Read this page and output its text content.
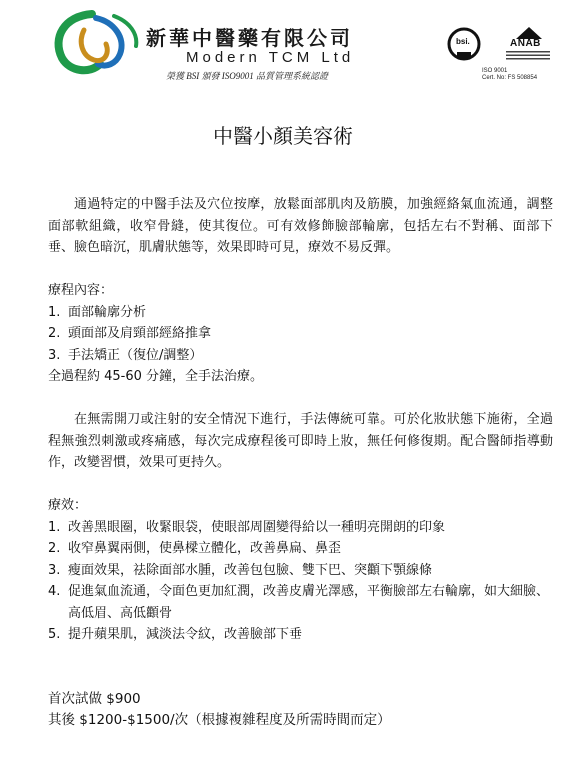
新華中醫藥有限公司
Modern TCM Ltd
榮獲 BSI 頒發 ISO9001 品質管理系統認證
bsi.	ANAB
ISO 9001
Cert. No: FS 508854
中醫小顏美容術

通過特定的中醫手法及穴位按摩，放鬆面部肌肉及筋膜，加強經絡氣血流通，調整面部軟組織，收窄骨縫，使其復位。可有效修飾臉部輪廓，包括左右不對稱、面部下垂、臉色暗沉，肌膚狀態等，效果即時可見，療效不易反彈。

療程內容：

1. 面部輪廓分析
2. 頭面部及肩頸部經絡推拿
3. 手法矯正（復位/調整）

全過程約 45-60 分鐘，全手法治療。

在無需開刀或注射的安全情況下進行，手法傳統可靠。可於化妝狀態下施術，全過程無強烈刺激或疼痛感，每次完成療程後可即時上妝，無任何修復期。配合醫師指導動作，改變習慣，效果可更持久。

療效：

1. 改善黑眼圈，收緊眼袋，使眼部周圍變得給以一種明亮開朗的印象
2. 收窄鼻翼兩側，使鼻樑立體化，改善鼻扁、鼻歪
3. 瘦面效果，祛除面部水腫，改善包包臉、雙下巴、突顴下顎線條
4. 促進氣血流通，令面色更加紅潤，改善皮膚光澤感，平衡臉部左右輪廓，如大細臉、高低眉、高低顴骨
5. 提升蘋果肌，減淡法令紋，改善臉部下垂

首次試做 $900

其後 $1200-$1500/次（根據複雜程度及所需時間而定）
